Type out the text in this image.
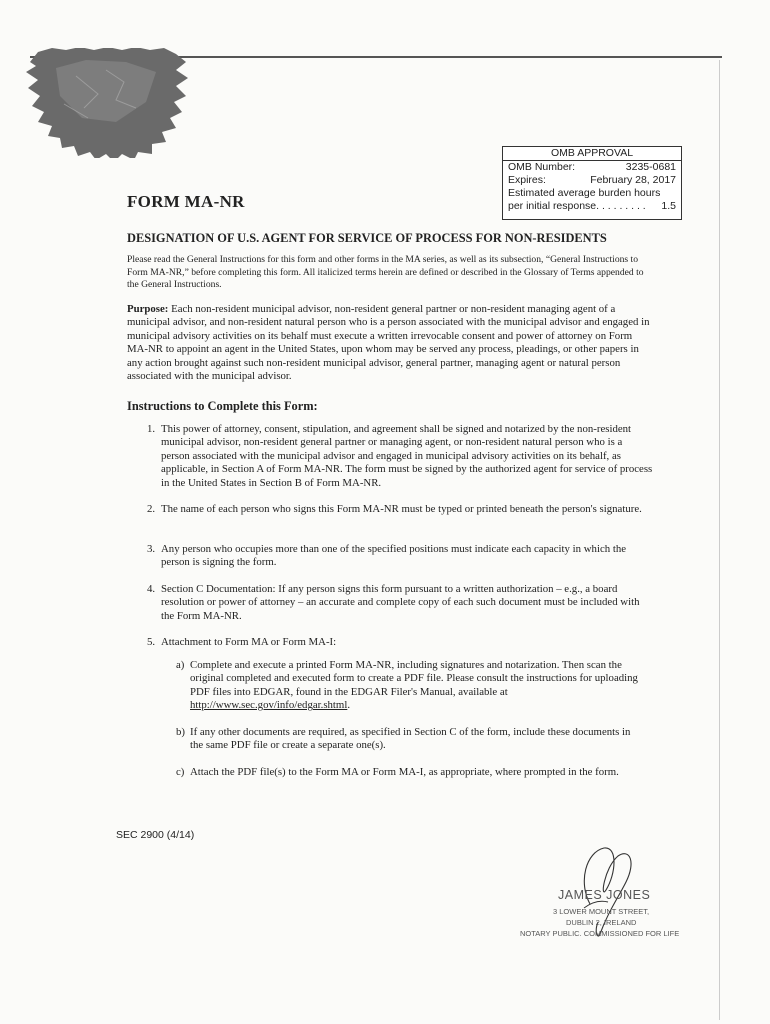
OMB APPROVAL
OMB Number:	3235-0681
Expires:	February 28, 2017
Estimated average burden hours
per initial response. . . . . . . . . 1.5
FORM MA-NR
DESIGNATION OF U.S. AGENT FOR SERVICE OF PROCESS FOR NON-RESIDENTS
Please read the General Instructions for this form and other forms in the MA series, as well as its subsection, “General Instructions to Form MA-NR,” before completing this form. All italicized terms herein are defined or described in the Glossary of Terms appended to the General Instructions.
Purpose: Each non-resident municipal advisor, non-resident general partner or non-resident managing agent of a municipal advisor, and non-resident natural person who is a person associated with the municipal advisor and engaged in municipal advisory activities on its behalf must execute a written irrevocable consent and power of attorney on Form MA-NR to appoint an agent in the United States, upon whom may be served any process, pleadings, or other papers in any action brought against such non-resident municipal advisor, general partner, managing agent or natural person associated with the municipal advisor.
Instructions to Complete this Form:
1. This power of attorney, consent, stipulation, and agreement shall be signed and notarized by the non-resident municipal advisor, non-resident general partner or managing agent, or non-resident natural person who is a person associated with the municipal advisor and engaged in municipal advisory activities on its behalf, as applicable, in Section A of Form MA-NR. The form must be signed by the authorized agent for service of process in the United States in Section B of Form MA-NR.
2. The name of each person who signs this Form MA-NR must be typed or printed beneath the person's signature.
3. Any person who occupies more than one of the specified positions must indicate each capacity in which the person is signing the form.
4. Section C Documentation: If any person signs this form pursuant to a written authorization – e.g., a board resolution or power of attorney – an accurate and complete copy of each such document must be included with the Form MA-NR.
5. Attachment to Form MA or Form MA-I:
a) Complete and execute a printed Form MA-NR, including signatures and notarization. Then scan the original completed and executed form to create a PDF file. Please consult the instructions for uploading PDF files into EDGAR, found in the EDGAR Filer's Manual, available at http://www.sec.gov/info/edgar.shtml.
b) If any other documents are required, as specified in Section C of the form, include these documents in the same PDF file or create a separate one(s).
c) Attach the PDF file(s) to the Form MA or Form MA-I, as appropriate, where prompted in the form.
SEC 2900 (4/14)
JAMES JONES
3 LOWER MOUNT STREET,
DUBLIN 2, IRELAND
NOTARY PUBLIC. COMMISSIONED FOR LIFE
